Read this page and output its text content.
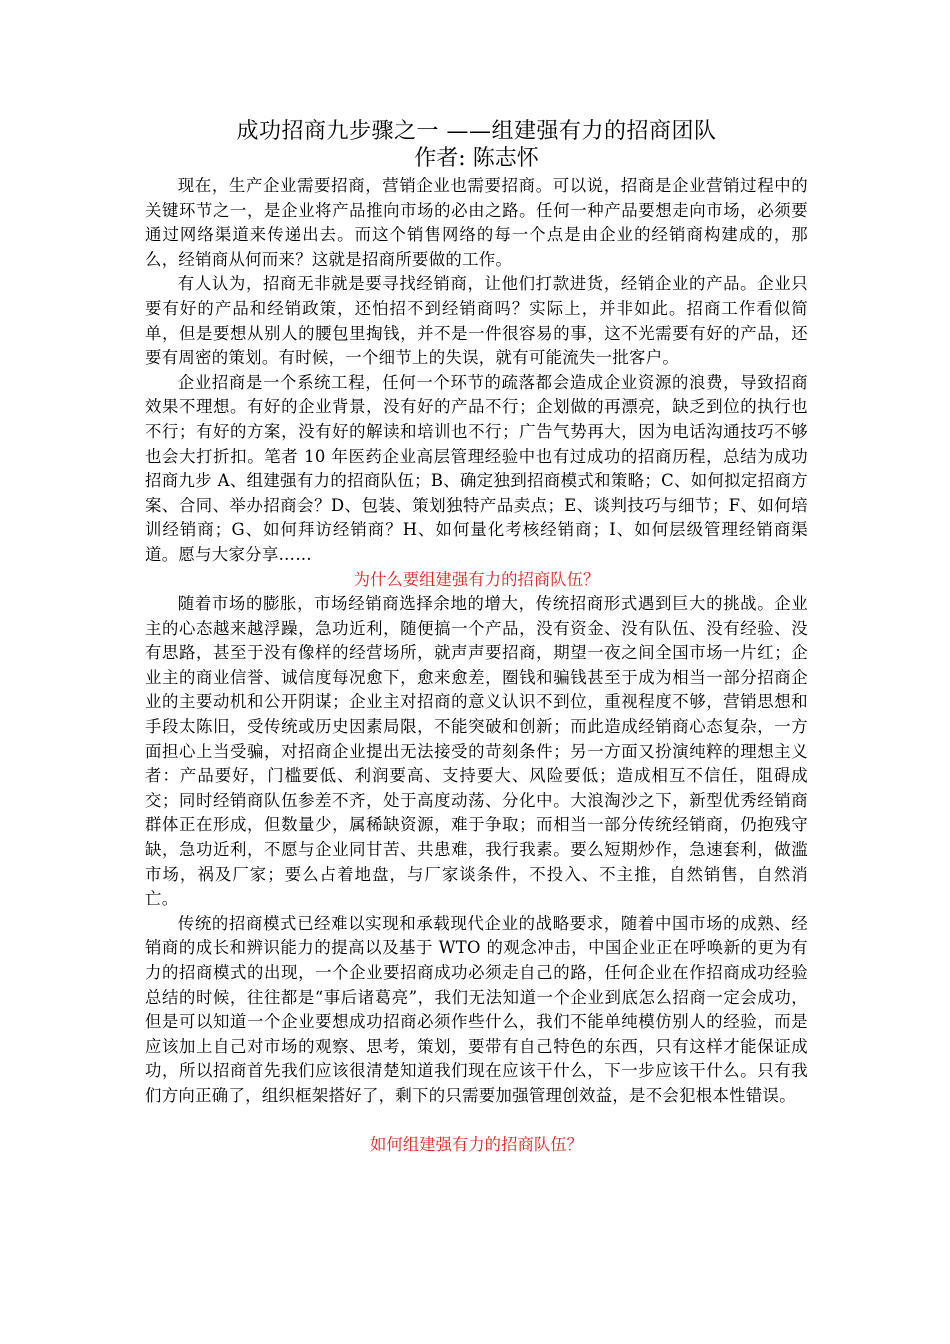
成功招商九步骤之一 ——组建强有力的招商团队
作者: 陈志怀

现在，生产企业需要招商，营销企业也需要招商。可以说，招商是企业营销过程中的关键环节之一，是企业将产品推向市场的必由之路。任何一种产品要想走向市场，必须要通过网络渠道来传递出去。而这个销售网络的每一个点是由企业的经销商构建成的，那么，经销商从何而来？这就是招商所要做的工作。

有人认为，招商无非就是要寻找经销商，让他们打款进货，经销企业的产品。企业只要有好的产品和经销政策，还怕招不到经销商吗？实际上，并非如此。招商工作看似简单，但是要想从别人的腰包里掏钱，并不是一件很容易的事，这不光需要有好的产品，还要有周密的策划。有时候，一个细节上的失误，就有可能流失一批客户。

企业招商是一个系统工程，任何一个环节的疏落都会造成企业资源的浪费，导致招商效果不理想。有好的企业背景，没有好的产品不行；企划做的再漂亮，缺乏到位的执行也不行；有好的方案，没有好的解读和培训也不行；广告气势再大，因为电话沟通技巧不够也会大打折扣。笔者 10 年医药企业高层管理经验中也有过成功的招商历程，总结为成功招商九步 A、组建强有力的招商队伍；B、确定独到招商模式和策略；C、如何拟定招商方案、合同、举办招商会？D、包装、策划独特产品卖点；E、谈判技巧与细节；F、如何培训经销商；G、如何拜访经销商？H、如何量化考核经销商；I、如何层级管理经销商渠道。愿与大家分享……

为什么要组建强有力的招商队伍？

随着市场的膨胀，市场经销商选择余地的增大，传统招商形式遇到巨大的挑战。企业主的心态越来越浮躁，急功近利，随便搞一个产品，没有资金、没有队伍、没有经验、没有思路，甚至于没有像样的经营场所，就声声要招商，期望一夜之间全国市场一片红；企业主的商业信誉、诚信度每况愈下，愈来愈差，圈钱和骗钱甚至于成为相当一部分招商企业的主要动机和公开阴谋；企业主对招商的意义认识不到位，重视程度不够，营销思想和手段太陈旧，受传统或历史因素局限，不能突破和创新；而此造成经销商心态复杂，一方面担心上当受骗，对招商企业提出无法接受的苛刻条件；另一方面又扮演纯粹的理想主义者：产品要好，门槛要低、利润要高、支持要大、风险要低；造成相互不信任，阻碍成交；同时经销商队伍参差不齐，处于高度动荡、分化中。大浪淘沙之下，新型优秀经销商群体正在形成，但数量少，属稀缺资源，难于争取；而相当一部分传统经销商，仍抱残守缺，急功近利，不愿与企业同甘苦、共患难，我行我素。要么短期炒作，急速套利，做滥市场，祸及厂家；要么占着地盘，与厂家谈条件，不投入、不主推，自然销售，自然消亡。

传统的招商模式已经难以实现和承载现代企业的战略要求，随着中国市场的成熟、经销商的成长和辨识能力的提高以及基于 WTO 的观念冲击，中国企业正在呼唤新的更为有力的招商模式的出现，一个企业要招商成功必须走自己的路，任何企业在作招商成功经验总结的时候，往往都是“事后诸葛亮”，我们无法知道一个企业到底怎么招商一定会成功，但是可以知道一个企业要想成功招商必须作些什么，我们不能单纯模仿别人的经验，而是应该加上自己对市场的观察、思考，策划，要带有自己特色的东西，只有这样才能保证成功，所以招商首先我们应该很清楚知道我们现在应该干什么，下一步应该干什么。只有我们方向正确了，组织框架搭好了，剩下的只需要加强管理创效益，是不会犯根本性错误。

如何组建强有力的招商队伍？
